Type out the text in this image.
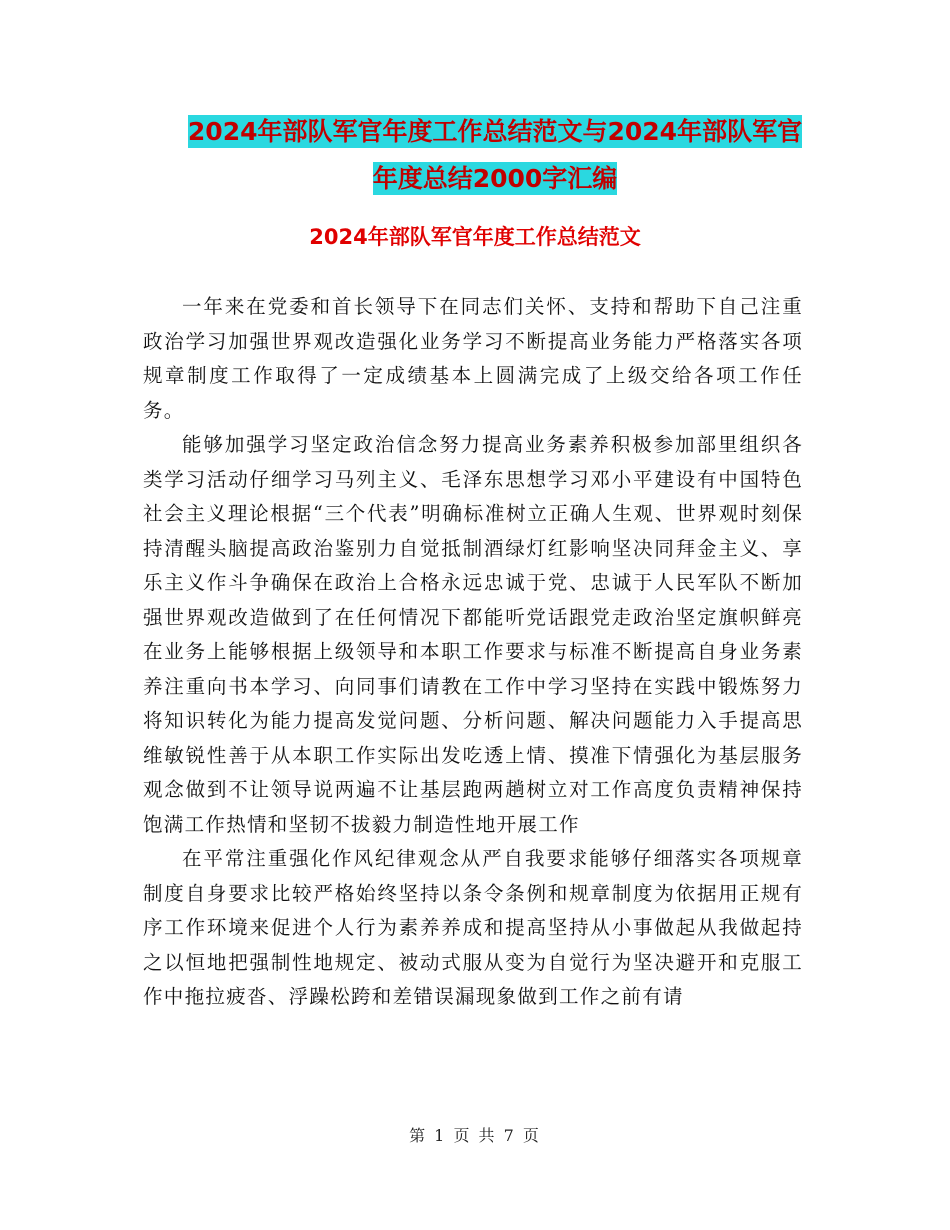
2024年部队军官年度工作总结范文与2024年部队军官
年度总结2000字汇编
2024年部队军官年度工作总结范文

一年来在党委和首长领导下在同志们关怀、支持和帮助下自己注重政治学习加强世界观改造强化业务学习不断提高业务能力严格落实各项规章制度工作取得了一定成绩基本上圆满完成了上级交给各项工作任务。

能够加强学习坚定政治信念努力提高业务素养积极参加部里组织各类学习活动仔细学习马列主义、毛泽东思想学习邓小平建设有中国特色社会主义理论根据“三个代表”明确标准树立正确人生观、世界观时刻保持清醒头脑提高政治鉴别力自觉抵制酒绿灯红影响坚决同拜金主义、享乐主义作斗争确保在政治上合格永远忠诚于党、忠诚于人民军队不断加强世界观改造做到了在任何情况下都能听党话跟党走政治坚定旗帜鲜亮在业务上能够根据上级领导和本职工作要求与标准不断提高自身业务素养注重向书本学习、向同事们请教在工作中学习坚持在实践中锻炼努力将知识转化为能力提高发觉问题、分析问题、解决问题能力入手提高思维敏锐性善于从本职工作实际出发吃透上情、摸准下情强化为基层服务观念做到不让领导说两遍不让基层跑两趟树立对工作高度负责精神保持饱满工作热情和坚韧不拔毅力制造性地开展工作

在平常注重强化作风纪律观念从严自我要求能够仔细落实各项规章制度自身要求比较严格始终坚持以条令条例和规章制度为依据用正规有序工作环境来促进个人行为素养养成和提高坚持从小事做起从我做起持之以恒地把强制性地规定、被动式服从变为自觉行为坚决避开和克服工作中拖拉疲沓、浮躁松跨和差错误漏现象做到工作之前有请

第 1 页 共 7 页
